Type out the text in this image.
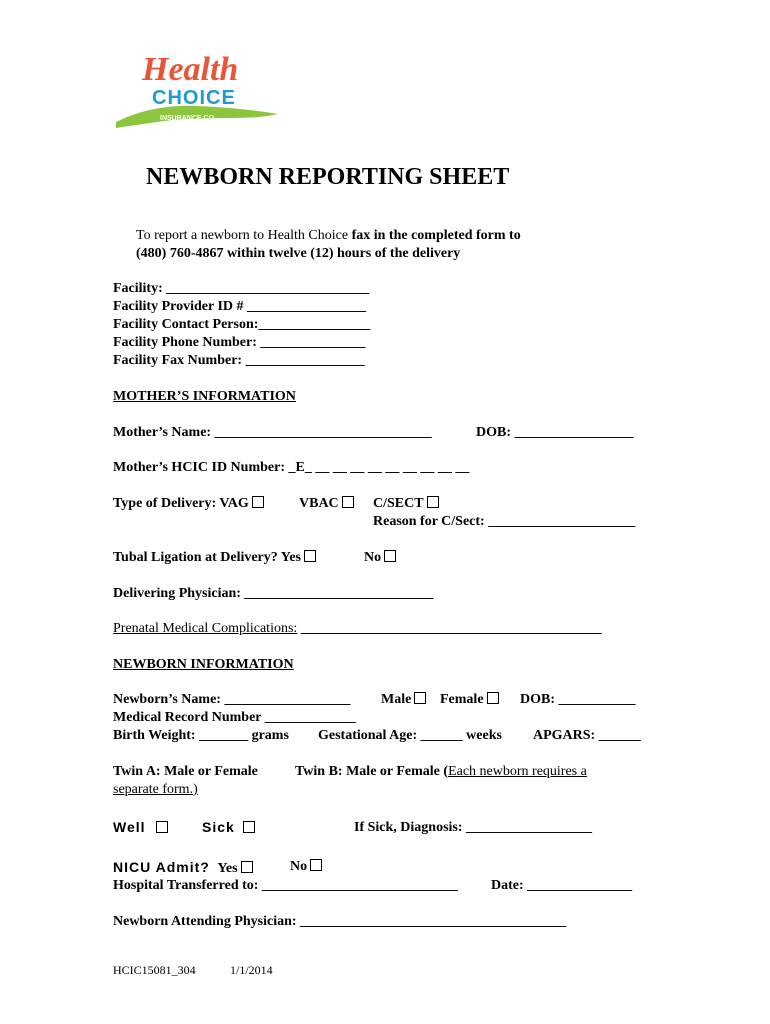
INSURANCE CO.
Health
CHOICE
NEWBORN REPORTING SHEET
To report a newborn to Health Choice fax in the completed form to
(480) 760-4867 within twelve (12) hours of the delivery
Facility: _____________________________
Facility Provider ID # _________________
Facility Contact Person:________________
Facility Phone Number: _______________
Facility Fax Number: _________________
MOTHER’S INFORMATION
Mother’s Name: _______________________________	DOB: _________________
Mother’s HCIC ID Number: _E_ __ __ __ __ __ __ __ __ __
Type of Delivery: VAG	VBAC	C/SECT
Reason for C/Sect: _____________________
Tubal Ligation at Delivery? Yes	No
Delivering Physician: ___________________________
Prenatal Medical Complications: ___________________________________________
NEWBORN INFORMATION
Newborn’s Name: __________________ Male	Female	DOB: ___________
Medical Record Number _____________
Birth Weight: _______ grams Gestational Age: ______ weeks APGARS: ______
Twin A: Male or Female	Twin B: Male or Female (Each newborn requires a
separate form.)
Well	Sick	If Sick, Diagnosis: __________________
NICU Admit? Yes	No
Hospital Transferred to: ____________________________ Date: _______________
Newborn Attending Physician: ______________________________________
HCIC15081_304	1/1/2014
